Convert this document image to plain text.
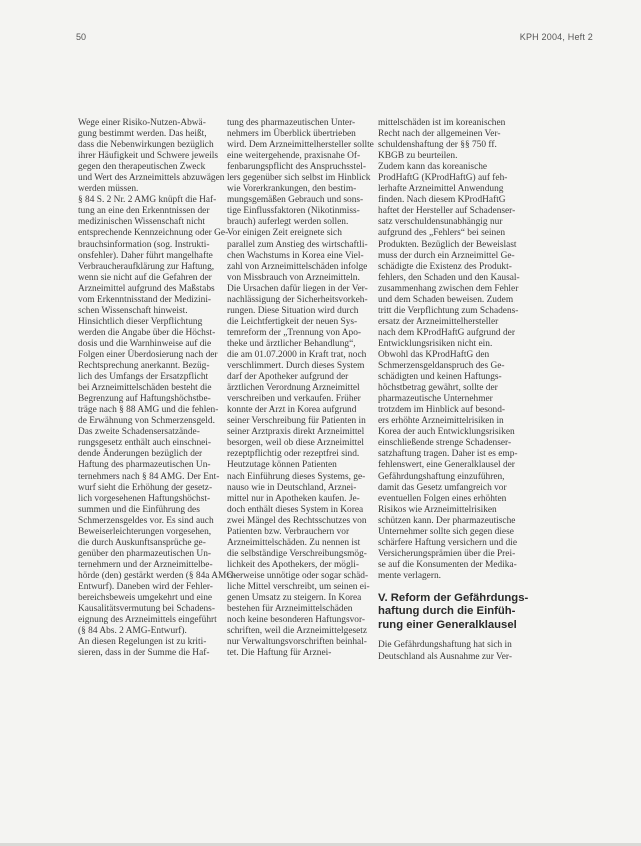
50	KPH 2004, Heft 2
Wege einer Risiko-Nutzen-Abwä-
gung bestimmt werden. Das heißt,
dass die Nebenwirkungen bezüglich
ihrer Häufigkeit und Schwere jeweils
gegen den therapeutischen Zweck
und Wert des Arzneimittels abzuwägen
werden müssen.
§ 84 S. 2 Nr. 2 AMG knüpft die Haf-
tung an eine den Erkenntnissen der
medizinischen Wissenschaft nicht
entsprechende Kennzeichnung oder Ge-
brauchsinformation (sog. Instrukti-
onsfehler). Daher führt mangelhafte
Verbraucheraufklärung zur Haftung,
wenn sie nicht auf die Gefahren der
Arzneimittel aufgrund des Maßstabs
vom Erkenntnisstand der Medizini-
schen Wissenschaft hinweist.
Hinsichtlich dieser Verpflichtung
werden die Angabe über die Höchst-
dosis und die Warnhinweise auf die
Folgen einer Überdosierung nach der
Rechtsprechung anerkannt. Bezüg-
lich des Umfangs der Ersatzpflicht
bei Arzneimittelschäden besteht die
Begrenzung auf Haftungshöchstbe-
träge nach § 88 AMG und die fehlen-
de Erwähnung von Schmerzensgeld.
Das zweite Schadensersatzände-
rungsgesetz enthält auch einschnei-
dende Änderungen bezüglich der
Haftung des pharmazeutischen Un-
ternehmers nach § 84 AMG. Der Ent-
wurf sieht die Erhöhung der gesetz-
lich vorgesehenen Haftungshöchst-
summen und die Einführung des
Schmerzensgeldes vor. Es sind auch
Beweiserleichterungen vorgesehen,
die durch Auskunftsansprüche ge-
genüber den pharmazeutischen Un-
ternehmern und der Arzneimittelbe-
hörde (den) gestärkt werden (§ 84a AMG-
Entwurf). Daneben wird der Fehler-
bereichsbeweis umgekehrt und eine
Kausalitätsvermutung bei Schadens-
eignung des Arzneimittels eingeführt
(§ 84 Abs. 2 AMG-Entwurf).
An diesen Regelungen ist zu kriti-
sieren, dass in der Summe die Haf-
tung des pharmazeutischen Unter-
nehmers im Überblick übertrieben
wird. Dem Arzneimittelhersteller sollte
eine weitergehende, praxisnahe Of-
fenbarungspflicht des Anspruchsstel-
lers gegenüber sich selbst im Hinblick
wie Vorerkrankungen, den bestim-
mungsgemäßen Gebrauch und sons-
tige Einflussfaktoren (Nikotinmiss-
brauch) auferlegt werden sollen.
Vor einigen Zeit ereignete sich
parallel zum Anstieg des wirtschaftli-
chen Wachstums in Korea eine Viel-
zahl von Arzneimittelschäden infolge
von Missbrauch von Arzneimitteln.
Die Ursachen dafür liegen in der Ver-
nachlässigung der Sicherheitsvorkeh-
rungen. Diese Situation wird durch
die Leichtfertigkeit der neuen Sys-
temreform der „Trennung von Apo-
theke und ärztlicher Behandlung“,
die am 01.07.2000 in Kraft trat, noch
verschlimmert. Durch dieses System
darf der Apotheker aufgrund der
ärztlichen Verordnung Arzneimittel
verschreiben und verkaufen. Früher
konnte der Arzt in Korea aufgrund
seiner Verschreibung für Patienten in
seiner Arztpraxis direkt Arzneimittel
besorgen, weil ob diese Arzneimittel
rezeptpflichtig oder rezeptfrei sind.
Heutzutage können Patienten
nach Einführung dieses Systems, ge-
nauso wie in Deutschland, Arznei-
mittel nur in Apotheken kaufen. Je-
doch enthält dieses System in Korea
zwei Mängel des Rechtsschutzes von
Patienten bzw. Verbrauchern vor
Arzneimittelschäden. Zu nennen ist
die selbständige Verschreibungsmög-
lichkeit des Apothekers, der mögli-
cherweise unnötige oder sogar schäd-
liche Mittel verschreibt, um seinen ei-
genen Umsatz zu steigern. In Korea
bestehen für Arzneimittelschäden
noch keine besonderen Haftungsvor-
schriften, weil die Arzneimittelgesetz
nur Verwaltungsvorschriften beinhal-
tet. Die Haftung für Arznei-
mittelschäden ist im koreanischen
Recht nach der allgemeinen Ver-
schuldenshaftung der §§ 750 ff.
KBGB zu beurteilen.
Zudem kann das koreanische
ProdHaftG (KProdHaftG) auf feh-
lerhafte Arzneimittel Anwendung
finden. Nach diesem KProdHaftG
haftet der Hersteller auf Schadenser-
satz verschuldensunabhängig nur
aufgrund des „Fehlers“ bei seinen
Produkten. Bezüglich der Beweislast
muss der durch ein Arzneimittel Ge-
schädigte die Existenz des Produkt-
fehlers, den Schaden und den Kausal-
zusammenhang zwischen dem Fehler
und dem Schaden beweisen. Zudem
tritt die Verpflichtung zum Schadens-
ersatz der Arzneimittelhersteller
nach dem KProdHaftG aufgrund der
Entwicklungsrisiken nicht ein.
Obwohl das KProdHaftG den
Schmerzensgeldanspruch des Ge-
schädigten und keinen Haftungs-
höchstbetrag gewährt, sollte der
pharmazeutische Unternehmer
trotzdem im Hinblick auf besond-
ers erhöhte Arzneimittelrisiken in
Korea der auch Entwicklungsrisiken
einschließende strenge Schadenser-
satzhaftung tragen. Daher ist es emp-
fehlenswert, eine Generalklausel der
Gefährdungshaftung einzuführen,
damit das Gesetz umfangreich vor
eventuellen Folgen eines erhöhten
Risikos wie Arzneimittelrisiken
schützen kann. Der pharmazeutische
Unternehmer sollte sich gegen diese
schärfere Haftung versichern und die
Versicherungsprämien über die Prei-
se auf die Konsumenten der Medika-
mente verlagern.
V. Reform der Gefährdungs-
haftung durch die Einfüh-
rung einer Generalklausel
Die Gefährdungshaftung hat sich in
Deutschland als Ausnahme zur Ver-
